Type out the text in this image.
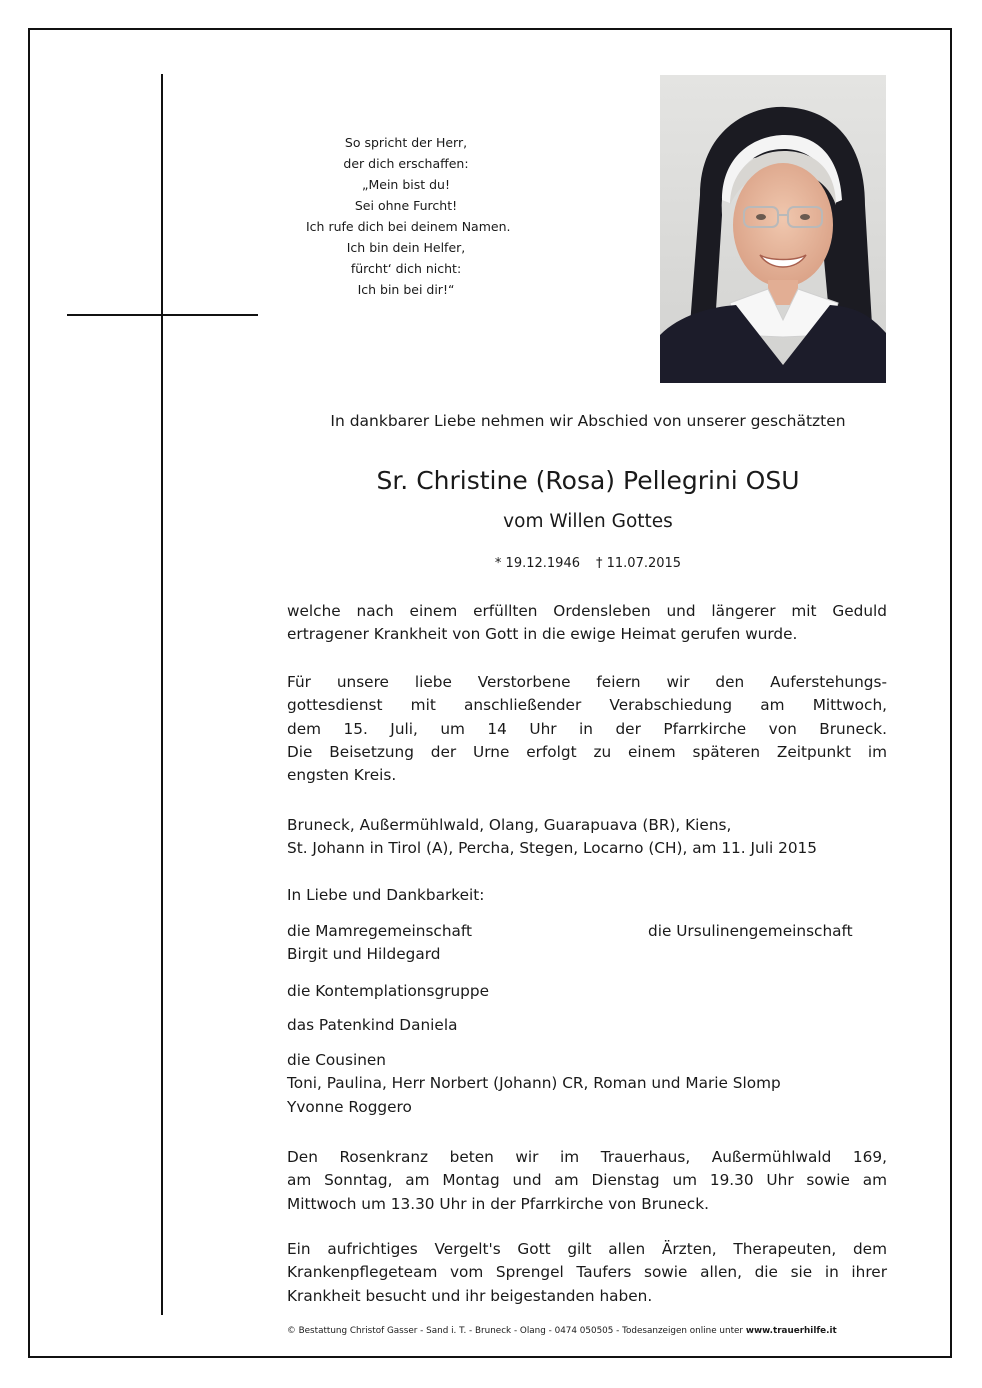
So spricht der Herr,
der dich erschaffen:
„Mein bist du!
Sei ohne Furcht!
Ich rufe dich bei deinem Namen.
Ich bin dein Helfer,
fürcht‘ dich nicht:
Ich bin bei dir!“
In dankbarer Liebe nehmen wir Abschied von unserer geschätzten
Sr. Christine (Rosa) Pellegrini OSU
vom Willen Gottes
* 19.12.1946 † 11.07.2015
welche nach einem erfüllten Ordensleben und längerer mit Geduld
ertragener Krankheit von Gott in die ewige Heimat gerufen wurde.
Für unsere liebe Verstorbene feiern wir den Auferstehungs-
gottesdienst mit anschließender Verabschiedung am Mittwoch,
dem 15. Juli, um 14 Uhr in der Pfarrkirche von Bruneck.
Die Beisetzung der Urne erfolgt zu einem späteren Zeitpunkt im
engsten Kreis.
Bruneck, Außermühlwald, Olang, Guarapuava (BR), Kiens,
St. Johann in Tirol (A), Percha, Stegen, Locarno (CH), am 11. Juli 2015
In Liebe und Dankbarkeit:
die Mamregemeinschaft
Birgit und Hildegard
die Ursulinengemeinschaft
die Kontemplationsgruppe
das Patenkind Daniela
die Cousinen
Toni, Paulina, Herr Norbert (Johann) CR, Roman und Marie Slomp
Yvonne Roggero
Den Rosenkranz beten wir im Trauerhaus, Außermühlwald 169,
am Sonntag, am Montag und am Dienstag um 19.30 Uhr sowie am
Mittwoch um 13.30 Uhr in der Pfarrkirche von Bruneck.
Ein aufrichtiges Vergelt's Gott gilt allen Ärzten, Therapeuten, dem
Krankenpflegeteam vom Sprengel Taufers sowie allen, die sie in ihrer
Krankheit besucht und ihr beigestanden haben.
© Bestattung Christof Gasser - Sand i. T. - Bruneck - Olang - 0474 050505 - Todesanzeigen online unter www.trauerhilfe.it
